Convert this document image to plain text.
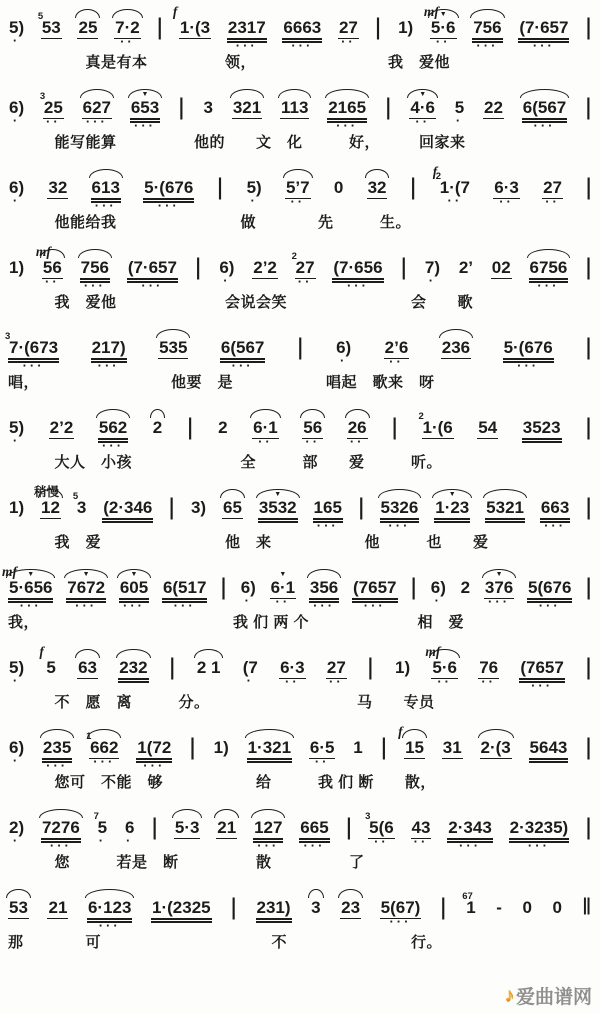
5)
·
5
53 25 7·2
··
|
f
1·(3 2317
···
6663
···
27
··
| 1)
▼
mf
5·6
··
756
···
(7·657
···
|
　　　　　真是有本　　　　　领，　　　　　　　　　我　爱他
6)
·
3
25
··
627
···
▼
653
···
| 3 321 113 2165
···
|	▼
4·6
··
5
·
22 6(567
···
|
　　　能写能算　　　　　他的　　文　化　　　好，　　　回家来
6)
·
32 613
···
5·(676
···
| 5)
·
5’7
··
0 32 |
f
2
1·(7
··
6·3
··
27
··
|
　　　他能给我　　　　　　　　做　　　　先　　　生。
1)
mf
56
··
756
···
(7·657
···
| 6)
·
2’2
2
27
··
(7·656
···
| 7)
·
2’ 02 6756
···
|
　　　我　爱他　　　　　　　会说会笑　　　　　　　　会　　歌
3
7·(673
···
217)
···
535 6(567
···
| 6)
·
2’6
··
236 5·(676
···
|
唱，　　　　　　　　　他要　是　　　　　　唱起　歌来　呀
5)
·
2’2 562
···
2 | 2 6·1
··
56
··
26
··
| 2
1·(6 54 3523 |
　　　大人　小孩　　　　　　　全　　　部　　爱　　　听。
稍慢
1) 12
5
3 (2·346 | 3) 65
▼
3532 165
···
| 5326
···
▼
1·23 5321 663
···
|
　　　我　爱　　　　　　　　他　来　　　　　　他　　　也　　爱
▼
mf
5·656
···
▼
7672
···
▼
605
···
6(517
···
| 6)
·
▼
6·1
··
356
···
(7657
···
| 6)
·
2
▼
376
···
5(676
···
|
我，　　　　　　　　　　　　　我 们 两 个　　　　　　　相　爱
5)
·
f
5 63 232 | 2 1 (7
·
6·3
··
27
··
| 1)
mf
5·6
··
76
··
(7657
···
|
　　　不　愿　离　　　分。　　　　　　　　　　马　　专员
6)
·
235
···
1
662
···
1(72
···
| 1) 1·321 6·5
··
1 |
f
15 31 2·(3 5643 |
　　　您可　不能　够　　　　　　给　　　我 们 断　　散，
2)
·
7276
···
7
5
·
6
·
| 5·3 21 127
···
665
···
| 3
5(6
··
43
··
2·343
···
2·3235)
···
|
　　　您　　　若是　断　　　　　散　　　　　了
53 21 6·123
···
1·(2325 | 231) 3 23 5(67)
···
| 67
1 - 0 0 ‖
那　　　　可　　　　　　　　　　　不　　　　　　　　行。
♪ 爱曲谱网
